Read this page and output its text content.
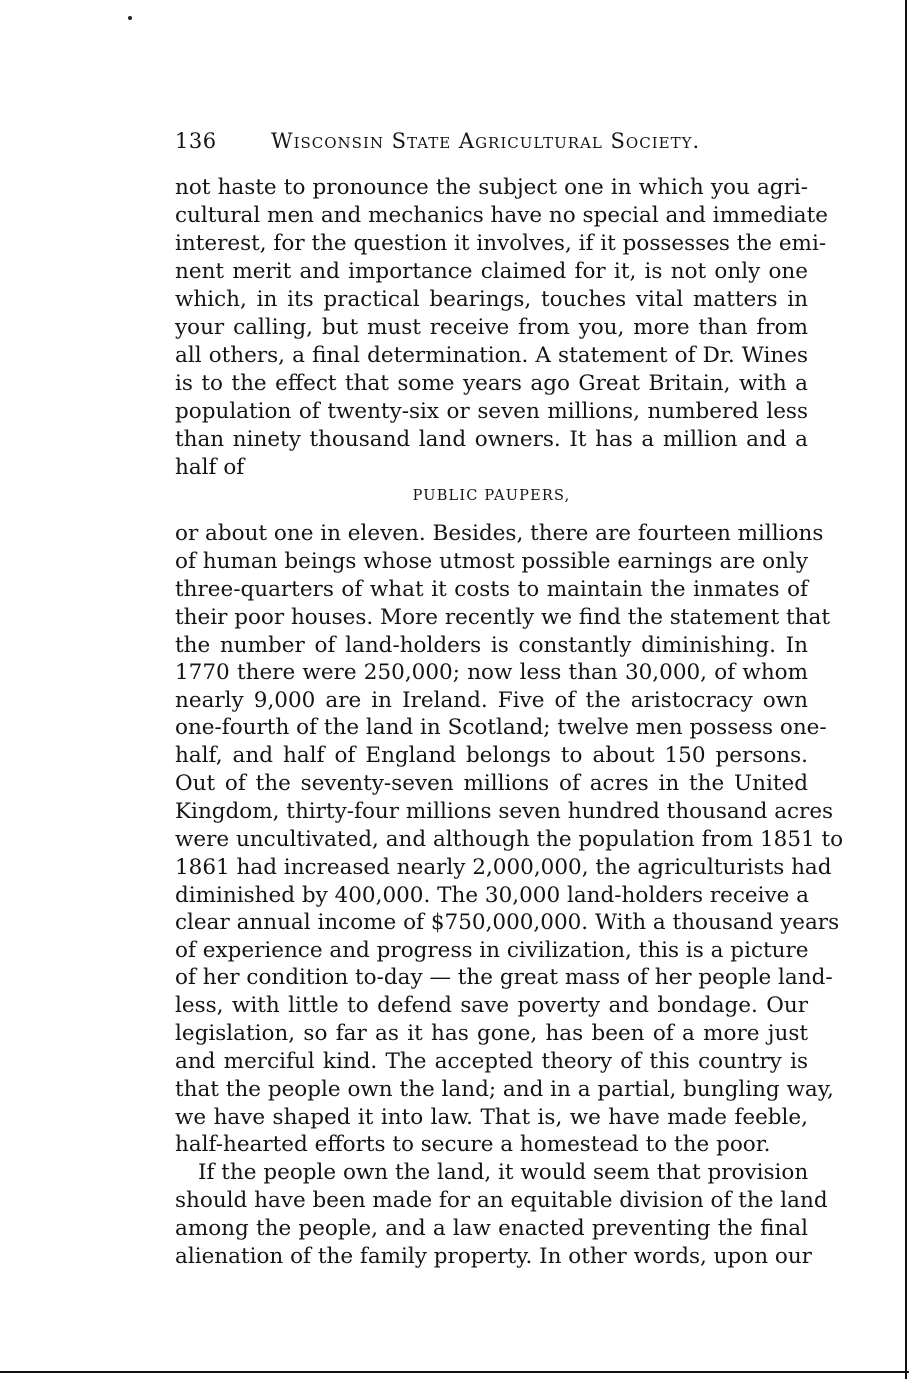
136	Wisconsin State Agricultural Society.
not haste to pronounce the subject one in which you agri-
cultural men and mechanics have no special and immediate
interest, for the question it involves, if it possesses the emi-
nent merit and importance claimed for it, is not only one
which, in its practical bearings, touches vital matters in
your calling, but must receive from you, more than from
all others, a final determination. A statement of Dr. Wines
is to the effect that some years ago Great Britain, with a
population of twenty-six or seven millions, numbered less
than ninety thousand land owners. It has a million and a
half of
PUBLIC PAUPERS,
or about one in eleven. Besides, there are fourteen millions
of human beings whose utmost possible earnings are only
three-quarters of what it costs to maintain the inmates of
their poor houses. More recently we find the statement that
the number of land-holders is constantly diminishing. In
1770 there were 250,000; now less than 30,000, of whom
nearly 9,000 are in Ireland. Five of the aristocracy own
one-fourth of the land in Scotland; twelve men possess one-
half, and half of England belongs to about 150 persons.
Out of the seventy-seven millions of acres in the United
Kingdom, thirty-four millions seven hundred thousand acres
were uncultivated, and although the population from 1851 to
1861 had increased nearly 2,000,000, the agriculturists had
diminished by 400,000. The 30,000 land-holders receive a
clear annual income of $750,000,000. With a thousand years
of experience and progress in civilization, this is a picture
of her condition to-day — the great mass of her people land-
less, with little to defend save poverty and bondage. Our
legislation, so far as it has gone, has been of a more just
and merciful kind. The accepted theory of this country is
that the people own the land; and in a partial, bungling way,
we have shaped it into law. That is, we have made feeble,
half-hearted efforts to secure a homestead to the poor.
If the people own the land, it would seem that provision
should have been made for an equitable division of the land
among the people, and a law enacted preventing the final
alienation of the family property. In other words, upon our
